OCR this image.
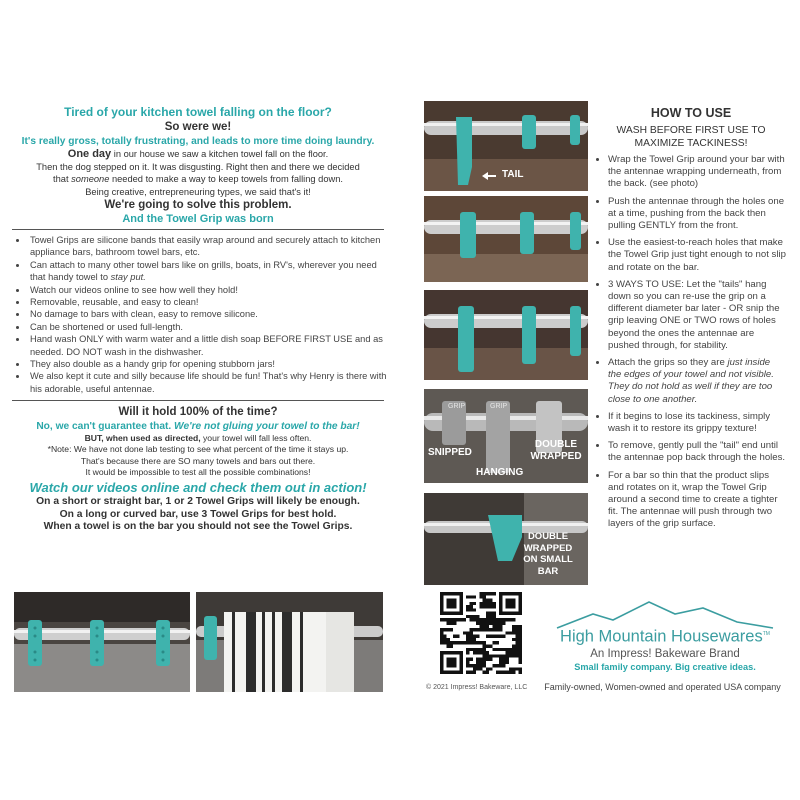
Tired of your kitchen towel falling on the floor?
So were we!
It's really gross, totally frustrating, and leads to more time doing laundry.
One day in our house we saw a kitchen towel fall on the floor.
Then the dog stepped on it. It was disgusting. Right then and there we decided
that someone needed to make a way to keep towels from falling down.
Being creative, entrepreneuring types, we said that's it!
We're going to solve this problem.
And the Towel Grip was born
• Towel Grips are silicone bands that easily wrap around and securely attach to kitchen appliance bars, bathroom towel bars, etc.
• Can attach to many other towel bars like on grills, boats, in RV's, wherever you need that handy towel to stay put.
• Watch our videos online to see how well they hold!
• Removable, reusable, and easy to clean!
• No damage to bars with clean, easy to remove silicone.
• Can be shortened or used full-length.
• Hand wash ONLY with warm water and a little dish soap BEFORE FIRST USE and as needed. DO NOT wash in the dishwasher.
• They also double as a handy grip for opening stubborn jars!
• We also kept it cute and silly because life should be fun! That's why Henry is there with his adorable, useful antennae.
Will it hold 100% of the time?
No, we can't guarantee that. We're not gluing your towel to the bar!
BUT, when used as directed, your towel will fall less often.
*Note: We have not done lab testing to see what percent of the time it stays up.
That's because there are SO many towels and bars out there.
It would be impossible to test all the possible combinations!
Watch our videos online and check them out in action!
On a short or straight bar, 1 or 2 Towel Grips will likely be enough.
On a long or curved bar, use 3 Towel Grips for best hold.
When a towel is on the bar you should not see the Towel Grips.
TAIL
GRIP	GRIP
SNIPPED
HANGING
DOUBLE WRAPPED
DOUBLE WRAPPED ON SMALL BAR
HOW TO USE
WASH BEFORE FIRST USE TO MAXIMIZE TACKINESS!
• Wrap the Towel Grip around your bar with the antennae wrapping underneath, from the back. (see photo)
• Push the antennae through the holes one at a time, pushing from the back then pulling GENTLY from the front.
• Use the easiest-to-reach holes that make the Towel Grip just tight enough to not slip and rotate on the bar.
• 3 WAYS TO USE: Let the "tails" hang down so you can re-use the grip on a different diameter bar later - OR snip the grip leaving ONE or TWO rows of holes beyond the ones the antennae are pushed through, for stability.
• Attach the grips so they are just inside the edges of your towel and not visible. They do not hold as well if they are too close to one another.
• If it begins to lose its tackiness, simply wash it to restore its grippy texture!
• To remove, gently pull the "tail" end until the antennae pop back through the holes.
• For a bar so thin that the product slips and rotates on it, wrap the Towel Grip around a second time to create a tighter fit. The antennae will push through two layers of the grip surface.
© 2021 Impress! Bakeware, LLC
High Mountain Housewares™
An Impress! Bakeware Brand
Small family company. Big creative ideas.
Family-owned, Women-owned and operated USA company
